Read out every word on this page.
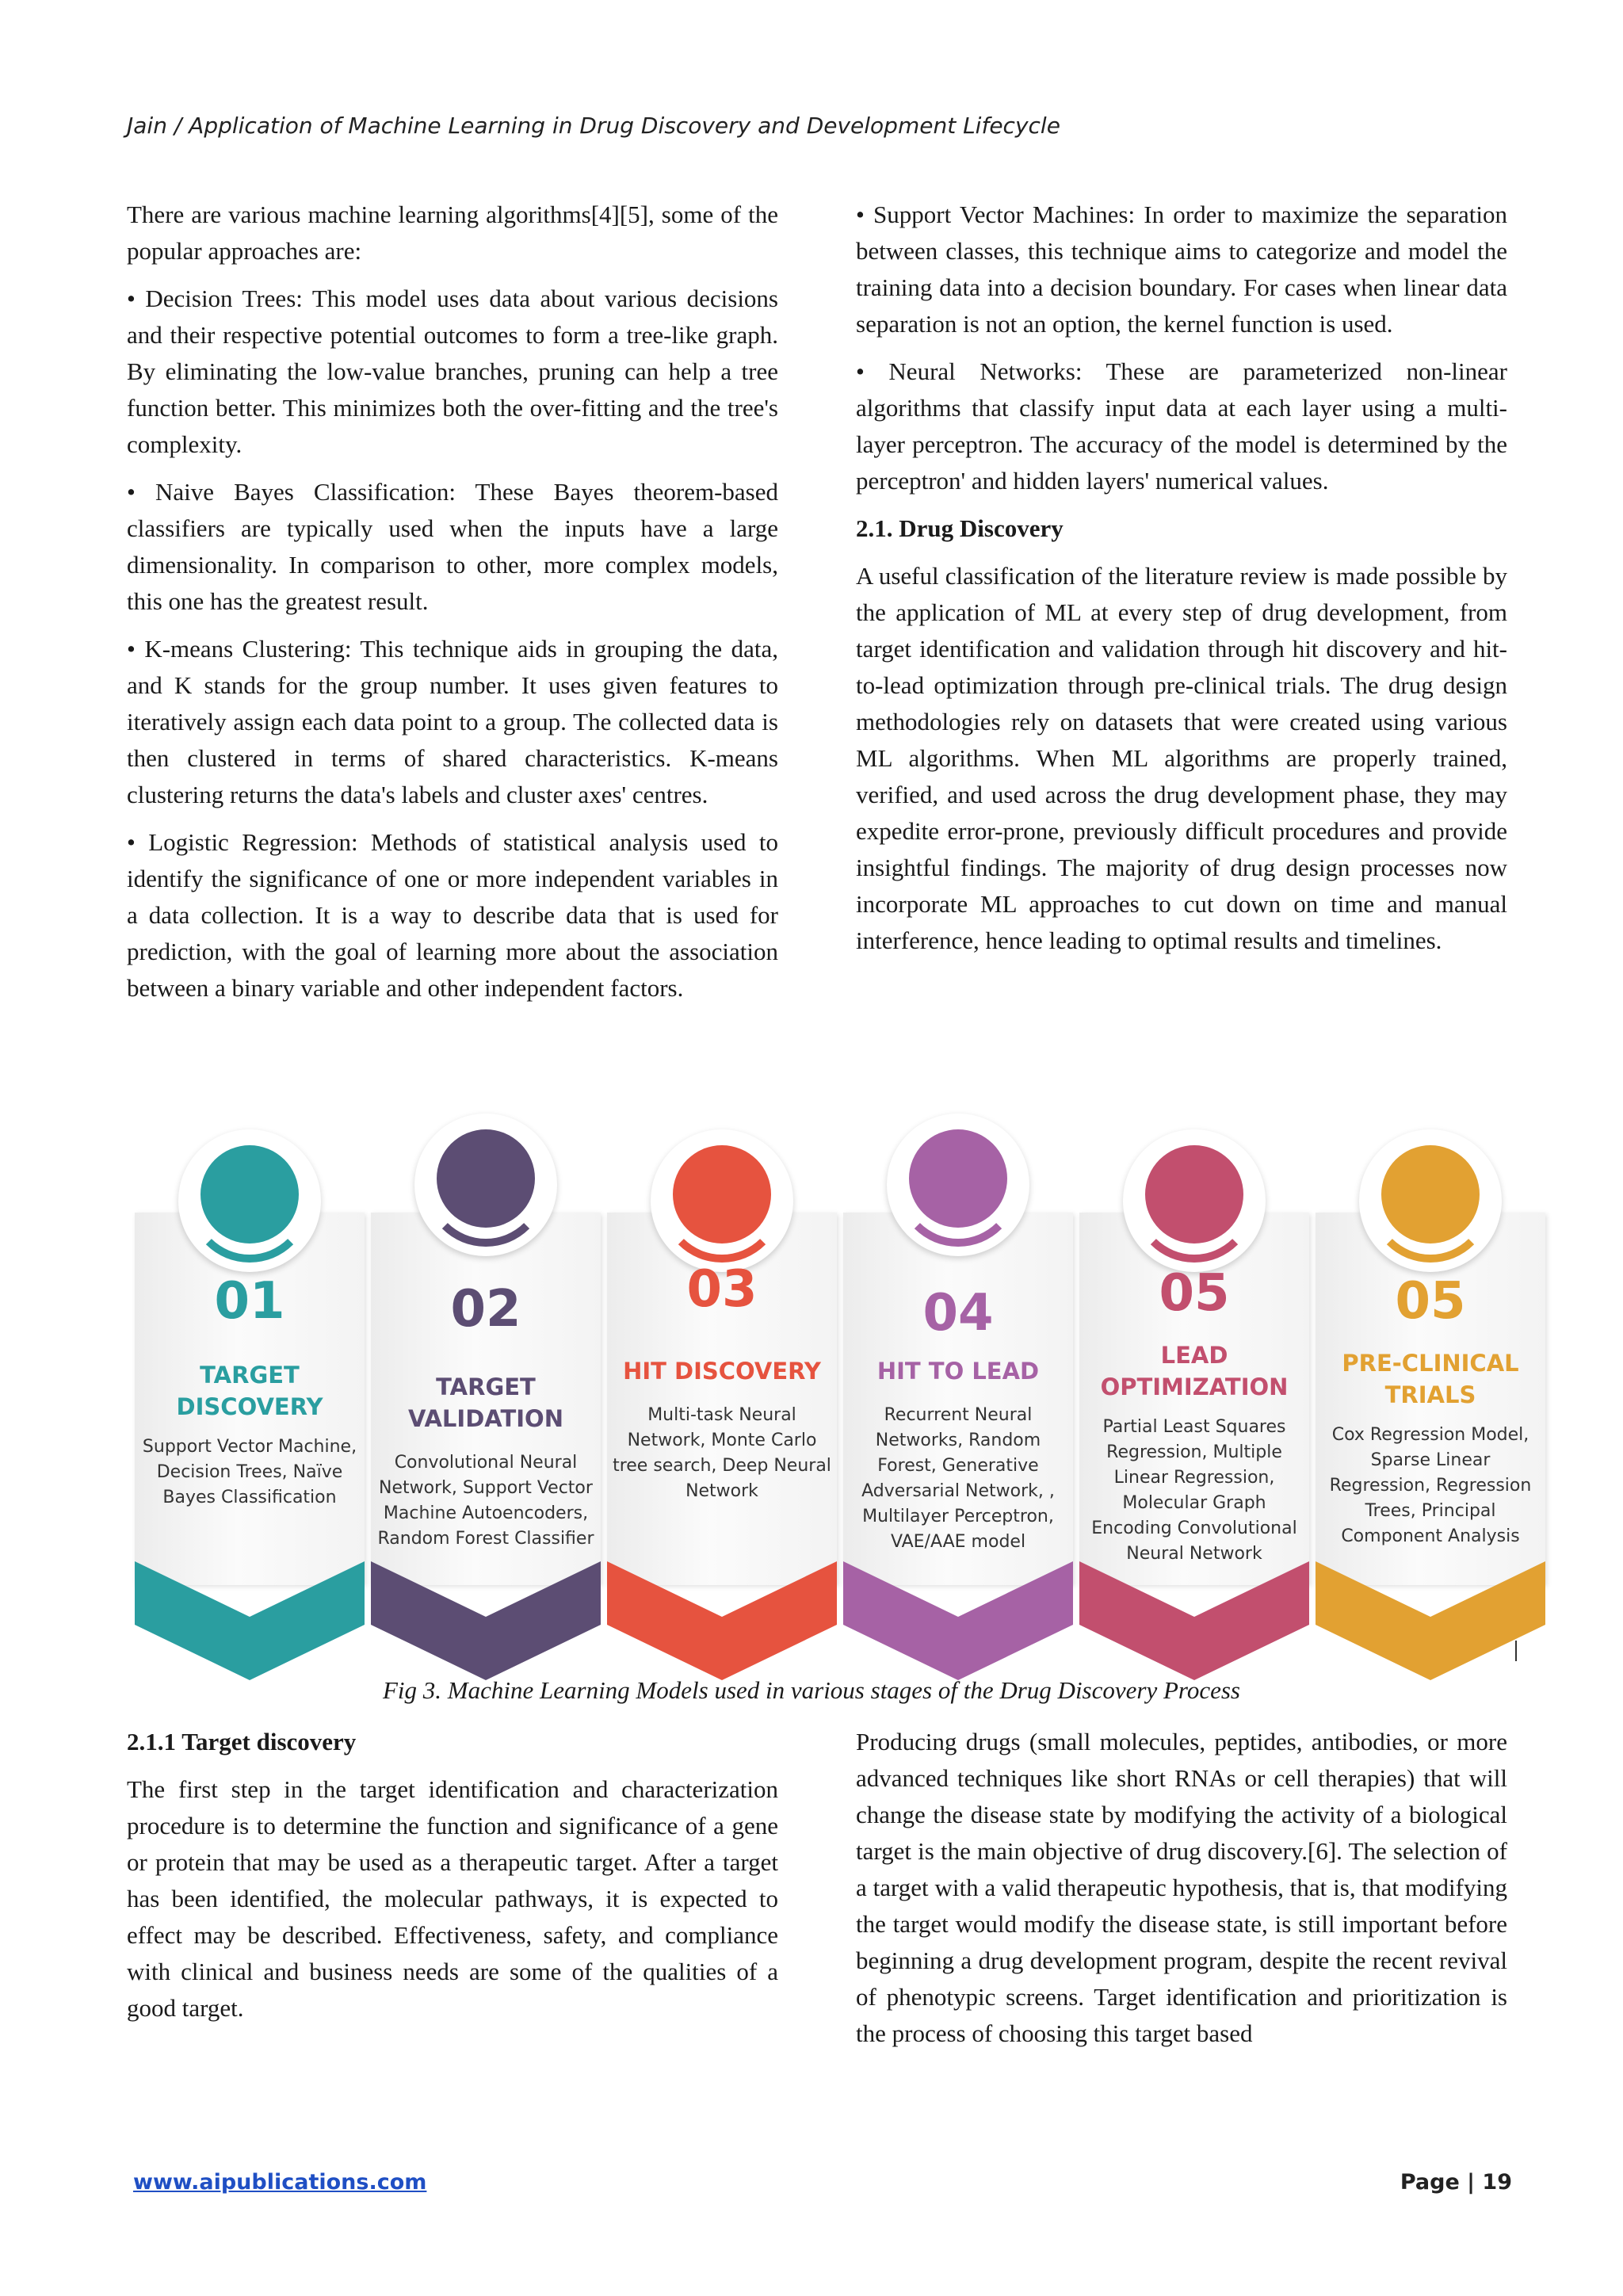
Jain / Application of Machine Learning in Drug Discovery and Development Lifecycle

There are various machine learning algorithms[4][5], some of the popular approaches are:

• Decision Trees: This model uses data about various decisions and their respective potential outcomes to form a tree-like graph. By eliminating the low-value branches, pruning can help a tree function better. This minimizes both the over-fitting and the tree's complexity.

• Naive Bayes Classification: These Bayes theorem-based classifiers are typically used when the inputs have a large dimensionality. In comparison to other, more complex models, this one has the greatest result.

• K-means Clustering: This technique aids in grouping the data, and K stands for the group number. It uses given features to iteratively assign each data point to a group. The collected data is then clustered in terms of shared characteristics. K-means clustering returns the data's labels and cluster axes' centres.

• Logistic Regression: Methods of statistical analysis used to identify the significance of one or more independent variables in a data collection. It is a way to describe data that is used for prediction, with the goal of learning more about the association between a binary variable and other independent factors.

• Support Vector Machines: In order to maximize the separation between classes, this technique aims to categorize and model the training data into a decision boundary. For cases when linear data separation is not an option, the kernel function is used.

• Neural Networks: These are parameterized non-linear algorithms that classify input data at each layer using a multi-layer perceptron. The accuracy of the model is determined by the perceptron' and hidden layers' numerical values.

2.1. Drug Discovery

A useful classification of the literature review is made possible by the application of ML at every step of drug development, from target identification and validation through hit discovery and hit-to-lead optimization through pre-clinical trials. The drug design methodologies rely on datasets that were created using various ML algorithms. When ML algorithms are properly trained, verified, and used across the drug development phase, they may expedite error-prone, previously difficult procedures and provide insightful findings. The majority of drug design processes now incorporate ML approaches to cut down on time and manual interference, hence leading to optimal results and timelines.

01
TARGET DISCOVERY
Support Vector Machine, Decision Trees, Naïve Bayes Classification
02
TARGET VALIDATION
Convolutional Neural Network, Support Vector Machine Autoencoders, Random Forest Classifier
03
HIT DISCOVERY
Multi-task Neural Network, Monte Carlo tree search, Deep Neural Network
04
HIT TO LEAD
Recurrent Neural Networks, Random Forest, Generative Adversarial Network, , Multilayer Perceptron, VAE/AAE model
05
LEAD OPTIMIZATION
Partial Least Squares Regression, Multiple Linear Regression, Molecular Graph Encoding Convolutional Neural Network
05
PRE-CLINICAL TRIALS
Cox Regression Model, Sparse Linear Regression, Regression Trees, Principal Component Analysis
Fig 3. Machine Learning Models used in various stages of the Drug Discovery Process
2.1.1 Target discovery

The first step in the target identification and characterization procedure is to determine the function and significance of a gene or protein that may be used as a therapeutic target. After a target has been identified, the molecular pathways, it is expected to effect may be described. Effectiveness, safety, and compliance with clinical and business needs are some of the qualities of a good target.

Producing drugs (small molecules, peptides, antibodies, or more advanced techniques like short RNAs or cell therapies) that will change the disease state by modifying the activity of a biological target is the main objective of drug discovery.[6]. The selection of a target with a valid therapeutic hypothesis, that is, that modifying the target would modify the disease state, is still important before beginning a drug development program, despite the recent revival of phenotypic screens. Target identification and prioritization is the process of choosing this target based

www.aipublications.com	Page | 19
